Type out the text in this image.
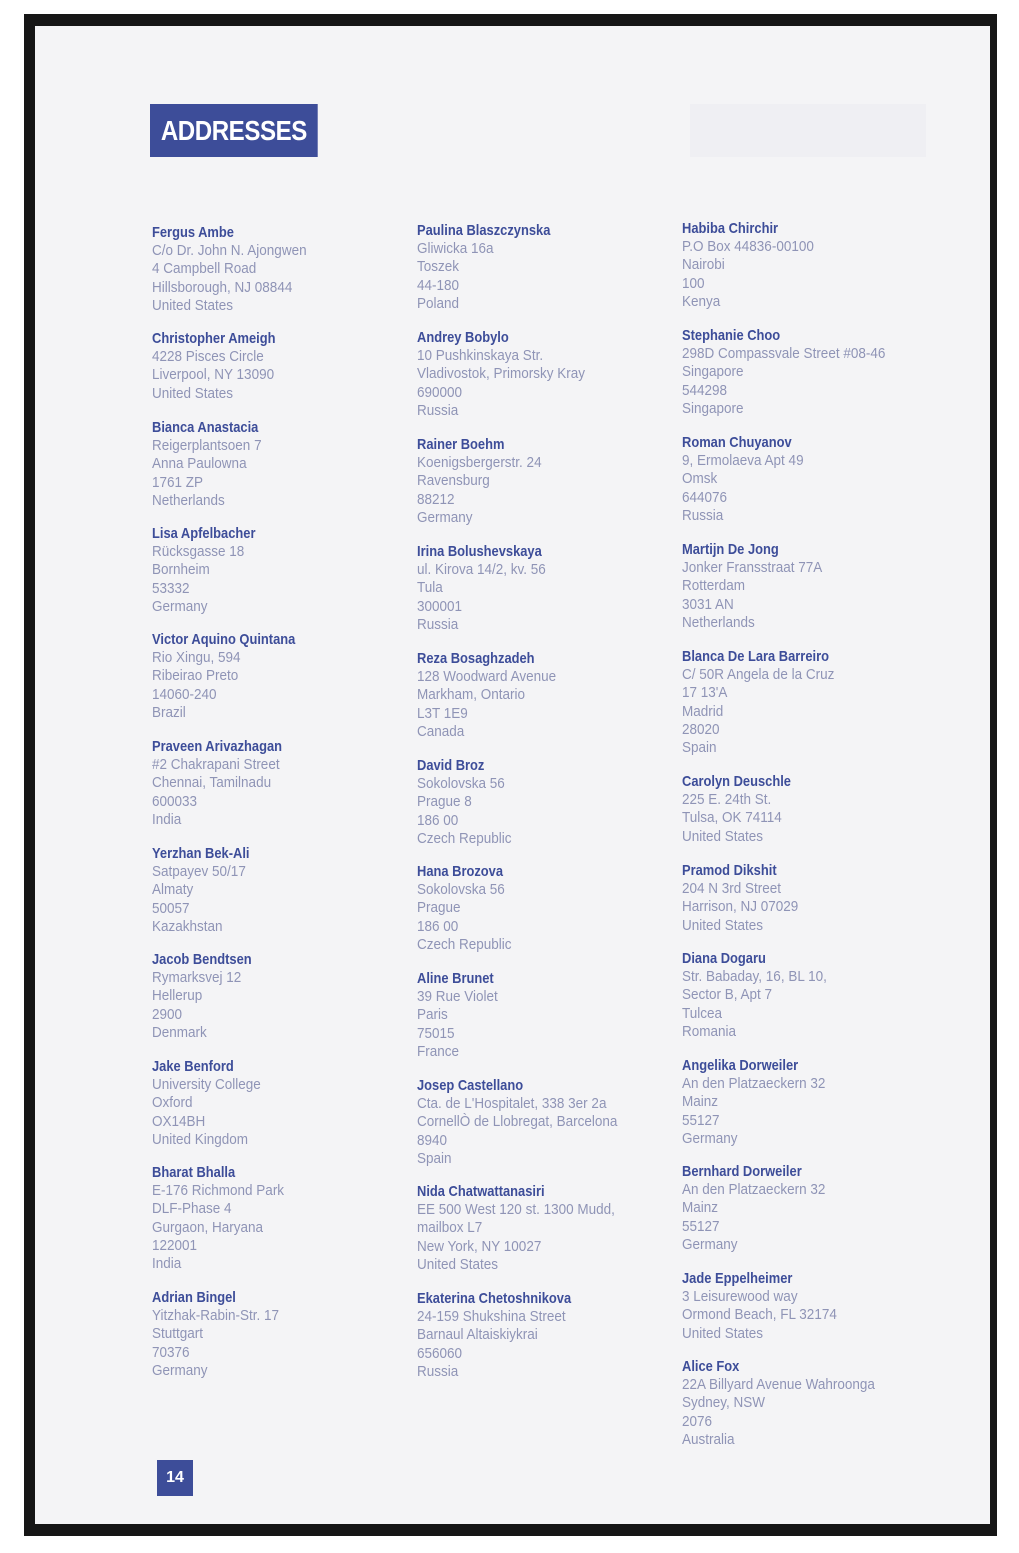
ADDRESSES
Fergus Ambe
C/o Dr. John N. Ajongwen
4 Campbell Road
Hillsborough, NJ 08844
United States
Christopher Ameigh
4228 Pisces Circle
Liverpool, NY 13090
United States
Bianca Anastacia
Reigerplantsoen 7
Anna Paulowna
1761 ZP
Netherlands
Lisa Apfelbacher
Rücksgasse 18
Bornheim
53332
Germany
Victor Aquino Quintana
Rio Xingu, 594
Ribeirao Preto
14060-240
Brazil
Praveen Arivazhagan
#2 Chakrapani Street
Chennai, Tamilnadu
600033
India
Yerzhan Bek-Ali
Satpayev 50/17
Almaty
50057
Kazakhstan
Jacob Bendtsen
Rymarksvej 12
Hellerup
2900
Denmark
Jake Benford
University College
Oxford
OX14BH
United Kingdom
Bharat Bhalla
E-176 Richmond Park
DLF-Phase 4
Gurgaon, Haryana
122001
India
Adrian Bingel
Yitzhak-Rabin-Str. 17
Stuttgart
70376
Germany
Paulina Blaszczynska
Gliwicka 16a
Toszek
44-180
Poland
Andrey Bobylo
10 Pushkinskaya Str.
Vladivostok, Primorsky Kray
690000
Russia
Rainer Boehm
Koenigsbergerstr. 24
Ravensburg
88212
Germany
Irina Bolushevskaya
ul. Kirova 14/2, kv. 56
Tula
300001
Russia
Reza Bosaghzadeh
128 Woodward Avenue
Markham, Ontario
L3T 1E9
Canada
David Broz
Sokolovska 56
Prague 8
186 00
Czech Republic
Hana Brozova
Sokolovska 56
Prague
186 00
Czech Republic
Aline Brunet
39 Rue Violet
Paris
75015
France
Josep Castellano
Cta. de L'Hospitalet, 338 3er 2a
CornellÒ de Llobregat, Barcelona
8940
Spain
Nida Chatwattanasiri
EE 500 West 120 st. 1300 Mudd,
mailbox L7
New York, NY 10027
United States
Ekaterina Chetoshnikova
24-159 Shukshina Street
Barnaul Altaiskiykrai
656060
Russia
Habiba Chirchir
P.O Box 44836-00100
Nairobi
100
Kenya
Stephanie Choo
298D Compassvale Street #08-46
Singapore
544298
Singapore
Roman Chuyanov
9, Ermolaeva Apt 49
Omsk
644076
Russia
Martijn De Jong
Jonker Fransstraat 77A
Rotterdam
3031 AN
Netherlands
Blanca De Lara Barreiro
C/ 50R Angela de la Cruz
17 13'A
Madrid
28020
Spain
Carolyn Deuschle
225 E. 24th St.
Tulsa, OK 74114
United States
Pramod Dikshit
204 N 3rd Street
Harrison, NJ 07029
United States
Diana Dogaru
Str. Babaday, 16, BL 10,
Sector B, Apt 7
Tulcea
Romania
Angelika Dorweiler
An den Platzaeckern 32
Mainz
55127
Germany
Bernhard Dorweiler
An den Platzaeckern 32
Mainz
55127
Germany
Jade Eppelheimer
3 Leisurewood way
Ormond Beach, FL 32174
United States
Alice Fox
22A Billyard Avenue Wahroonga
Sydney, NSW
2076
Australia
14
